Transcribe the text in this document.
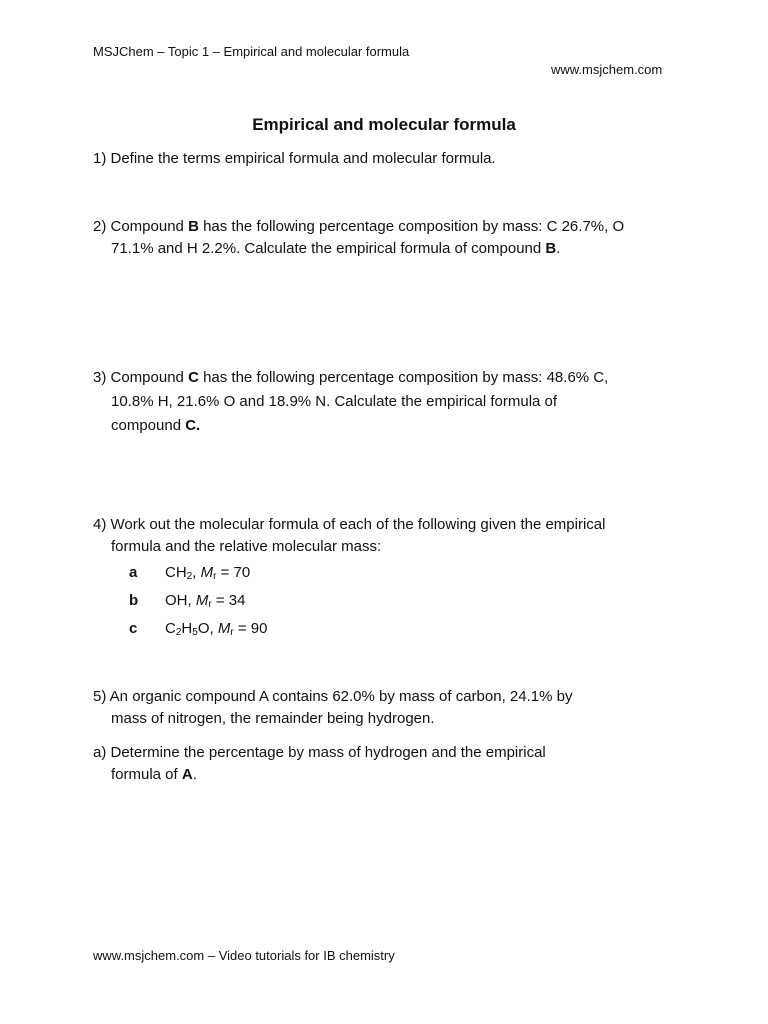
MSJChem – Topic 1 – Empirical and molecular formula
www.msjchem.com
Empirical and molecular formula
1) Define the terms empirical formula and molecular formula.
2) Compound B has the following percentage composition by mass: C 26.7%, O
71.1% and H 2.2%. Calculate the empirical formula of compound B.
3) Compound C has the following percentage composition by mass: 48.6% C,
10.8% H, 21.6% O and 18.9% N. Calculate the empirical formula of
compound C.
4) Work out the molecular formula of each of the following given the empirical
formula and the relative molecular mass:
a $CH_2$, $M_r = 70$
b OH, $M_r = 34$
c $C_2H_5O$, $M_r = 90$
5) An organic compound A contains 62.0% by mass of carbon, 24.1% by
mass of nitrogen, the remainder being hydrogen.
a) Determine the percentage by mass of hydrogen and the empirical
formula of A.
www.msjchem.com – Video tutorials for IB chemistry
